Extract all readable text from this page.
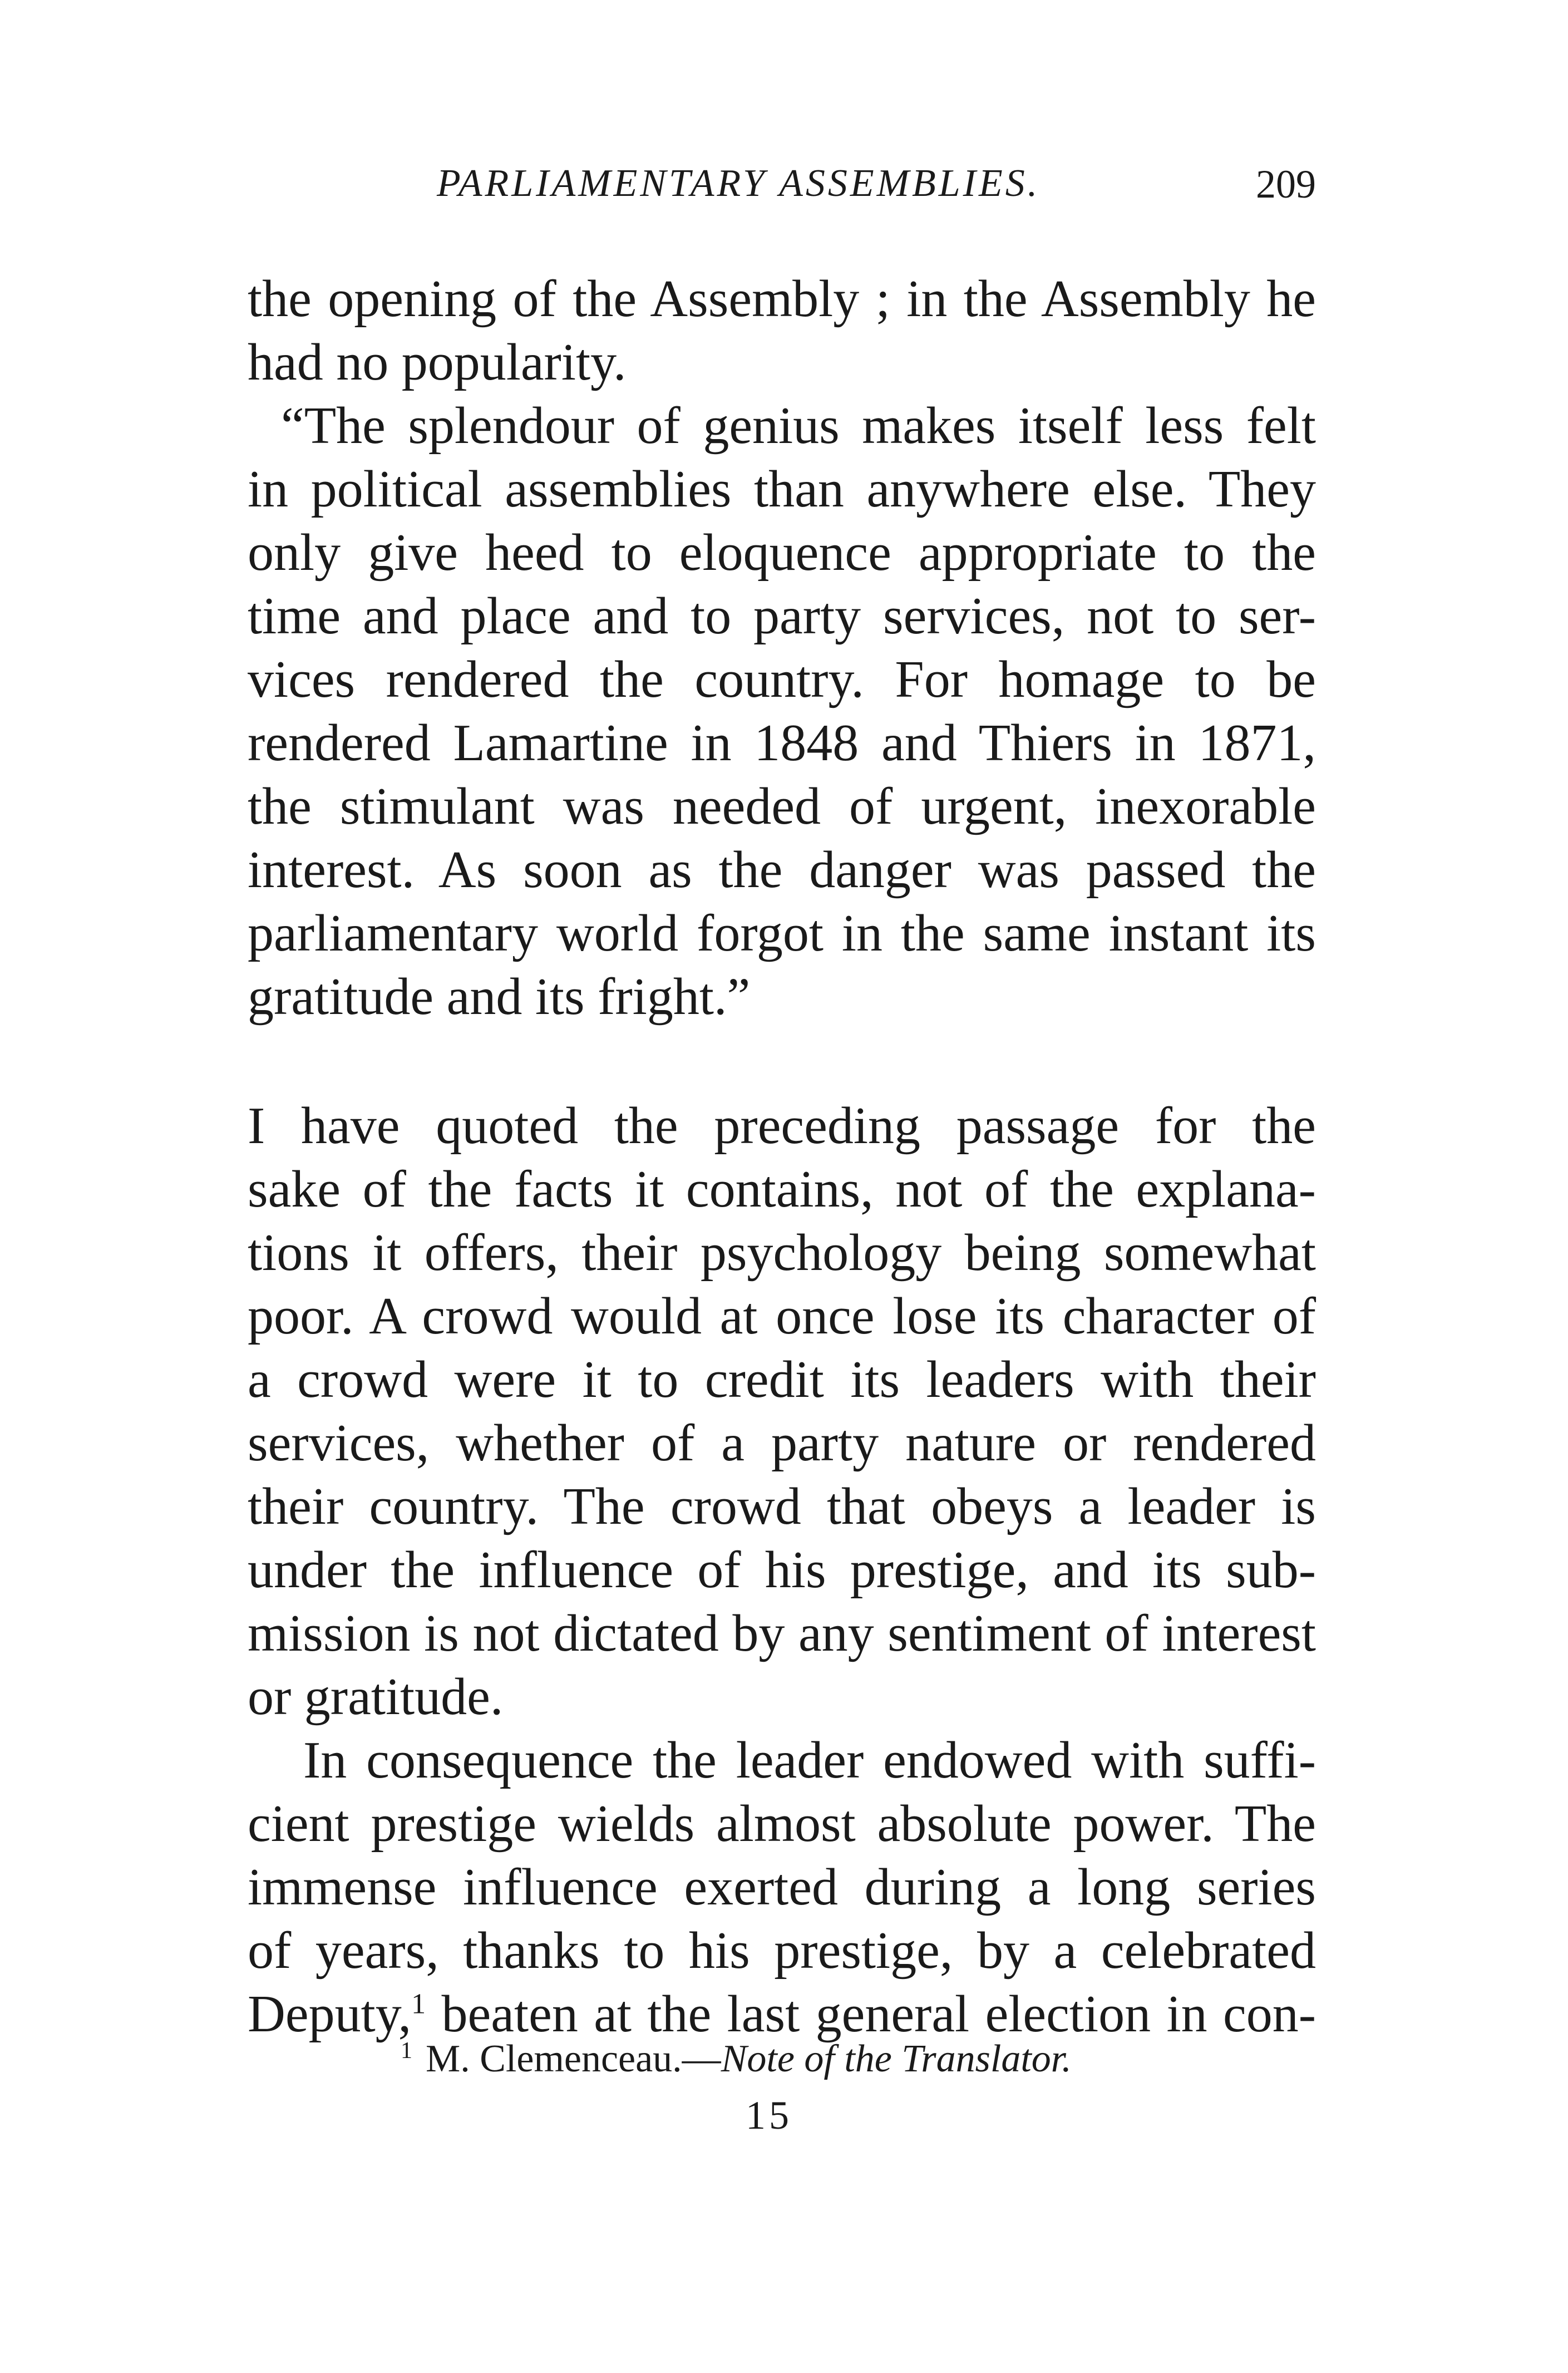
PARLIAMENTARY ASSEMBLIES.	209
the opening of the Assembly ; in the Assembly he
had no popularity.
“The splendour of genius makes itself less felt
in political assemblies than anywhere else. They
only give heed to eloquence appropriate to the
time and place and to party services, not to ser-
vices rendered the country. For homage to be
rendered Lamartine in 1848 and Thiers in 1871,
the stimulant was needed of urgent, inexorable
interest. As soon as the danger was passed the
parliamentary world forgot in the same instant its
gratitude and its fright.”
I have quoted the preceding passage for the
sake of the facts it contains, not of the explana-
tions it offers, their psychology being somewhat
poor. A crowd would at once lose its character of
a crowd were it to credit its leaders with their
services, whether of a party nature or rendered
their country. The crowd that obeys a leader is
under the influence of his prestige, and its sub-
mission is not dictated by any sentiment of interest
or gratitude.
In consequence the leader endowed with suffi-
cient prestige wields almost absolute power. The
immense influence exerted during a long series
of years, thanks to his prestige, by a celebrated
Deputy,$^1$ beaten at the last general election in con-
$^1$ M. Clemenceau.—Note of the Translator.
15
